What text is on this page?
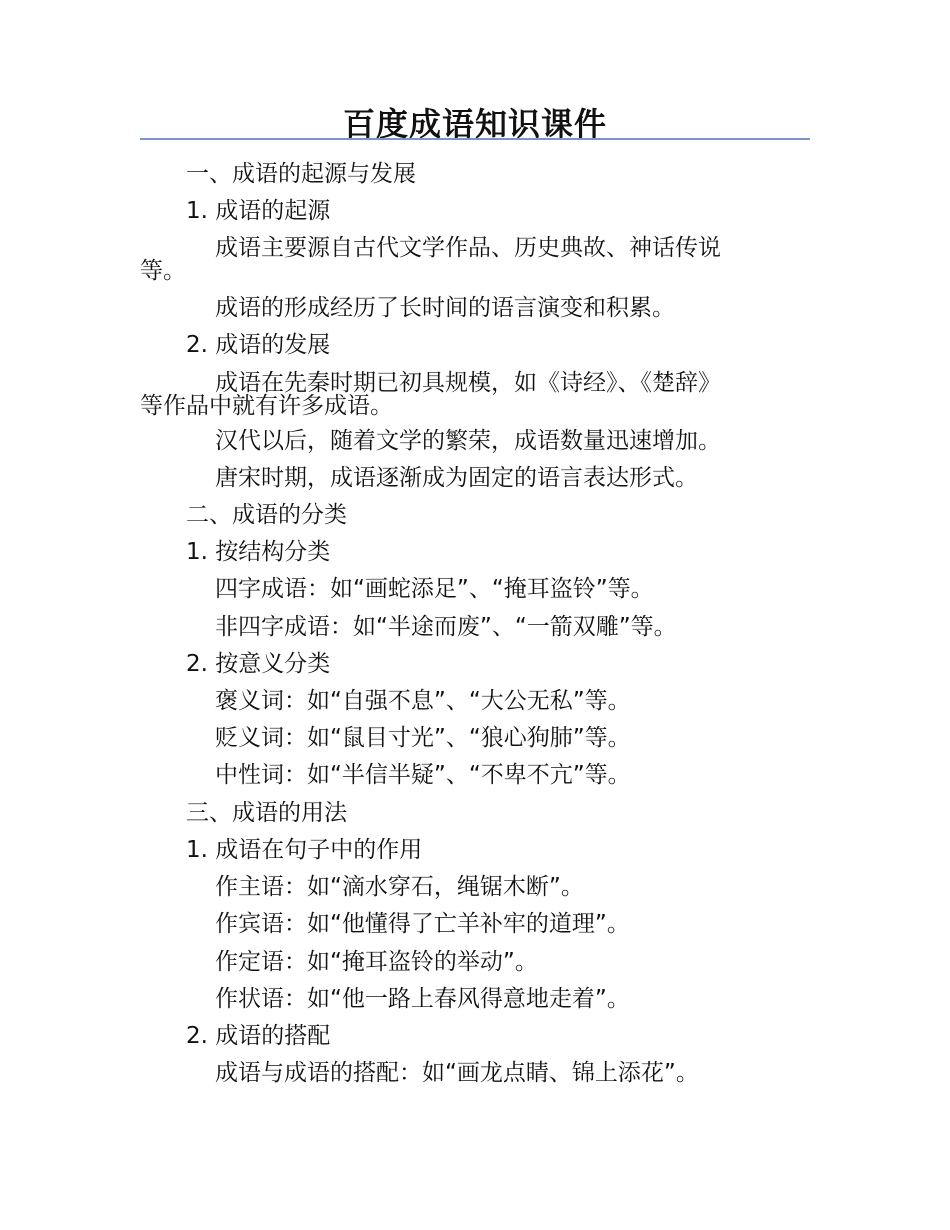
百度成语知识课件
一、成语的起源与发展
1. 成语的起源
成语主要源自古代文学作品、历史典故、神话传说
等。
成语的形成经历了长时间的语言演变和积累。
2. 成语的发展
成语在先秦时期已初具规模，如《诗经》、《楚辞》
等作品中就有许多成语。
汉代以后，随着文学的繁荣，成语数量迅速增加。
唐宋时期，成语逐渐成为固定的语言表达形式。
二、成语的分类
1. 按结构分类
四字成语：如“画蛇添足”、“掩耳盗铃”等。
非四字成语：如“半途而废”、“一箭双雕”等。
2. 按意义分类
褒义词：如“自强不息”、“大公无私”等。
贬义词：如“鼠目寸光”、“狼心狗肺”等。
中性词：如“半信半疑”、“不卑不亢”等。
三、成语的用法
1. 成语在句子中的作用
作主语：如“滴水穿石，绳锯木断”。
作宾语：如“他懂得了亡羊补牢的道理”。
作定语：如“掩耳盗铃的举动”。
作状语：如“他一路上春风得意地走着”。
2. 成语的搭配
成语与成语的搭配：如“画龙点睛、锦上添花”。
